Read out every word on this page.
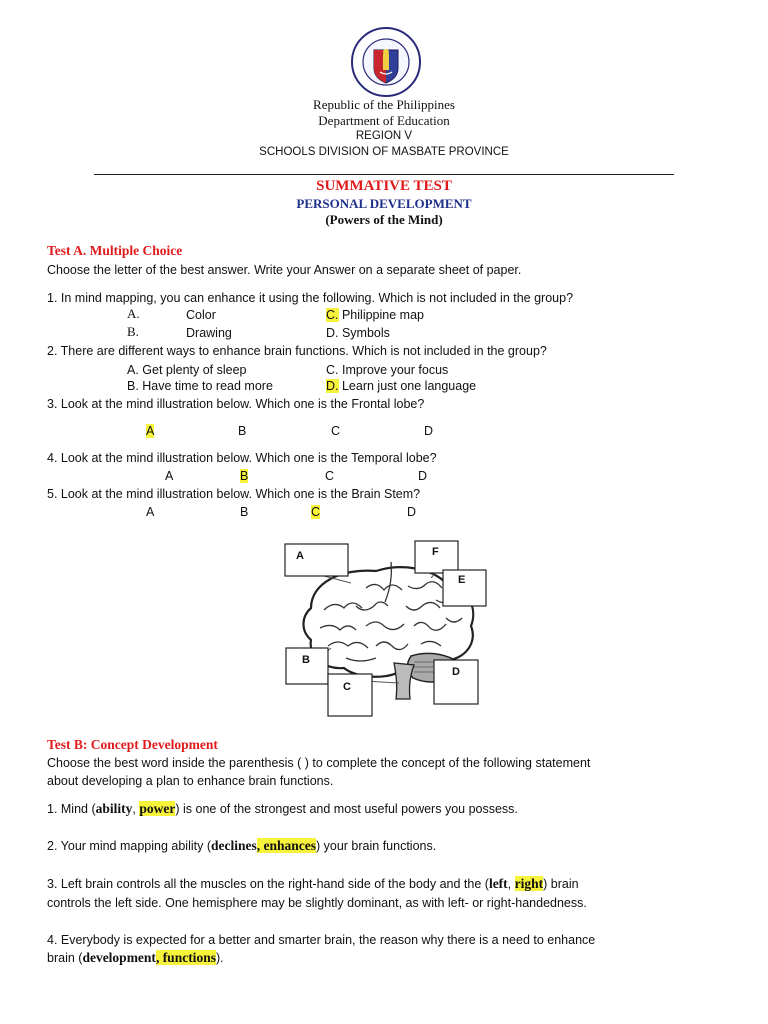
Republic of the Philippines
Department of Education
REGION V
SCHOOLS DIVISION OF MASBATE PROVINCE
SUMMATIVE TEST
PERSONAL DEVELOPMENT
(Powers of the Mind)
Test A. Multiple Choice
Choose the letter of the best answer. Write your Answer on a separate sheet of paper.
1. In mind mapping, you can enhance it using the following. Which is not included in the group?
A.	Color	C. Philippine map
B.	Drawing	D. Symbols
2. There are different ways to enhance brain functions. Which is not included in the group?
A. Get plenty of sleep	C. Improve your focus
B. Have time to read more	D. Learn just one language
3. Look at the mind illustration below. Which one is the Frontal lobe?
A	B	C	D
4. Look at the mind illustration below. Which one is the Temporal lobe?
A	B	C	D
5. Look at the mind illustration below. Which one is the Brain Stem?
A	B	C	D
A
B
C
D
E
F
Test B: Concept Development
Choose the best word inside the parenthesis ( ) to complete the concept of the following statement
about developing a plan to enhance brain functions.
1. Mind (ability, power) is one of the strongest and most useful powers you possess.
2. Your mind mapping ability (declines, enhances) your brain functions.
3. Left brain controls all the muscles on the right-hand side of the body and the (left, right) brain
controls the left side. One hemisphere may be slightly dominant, as with left- or right-handedness.
4. Everybody is expected for a better and smarter brain, the reason why there is a need to enhance
brain (development, functions).
